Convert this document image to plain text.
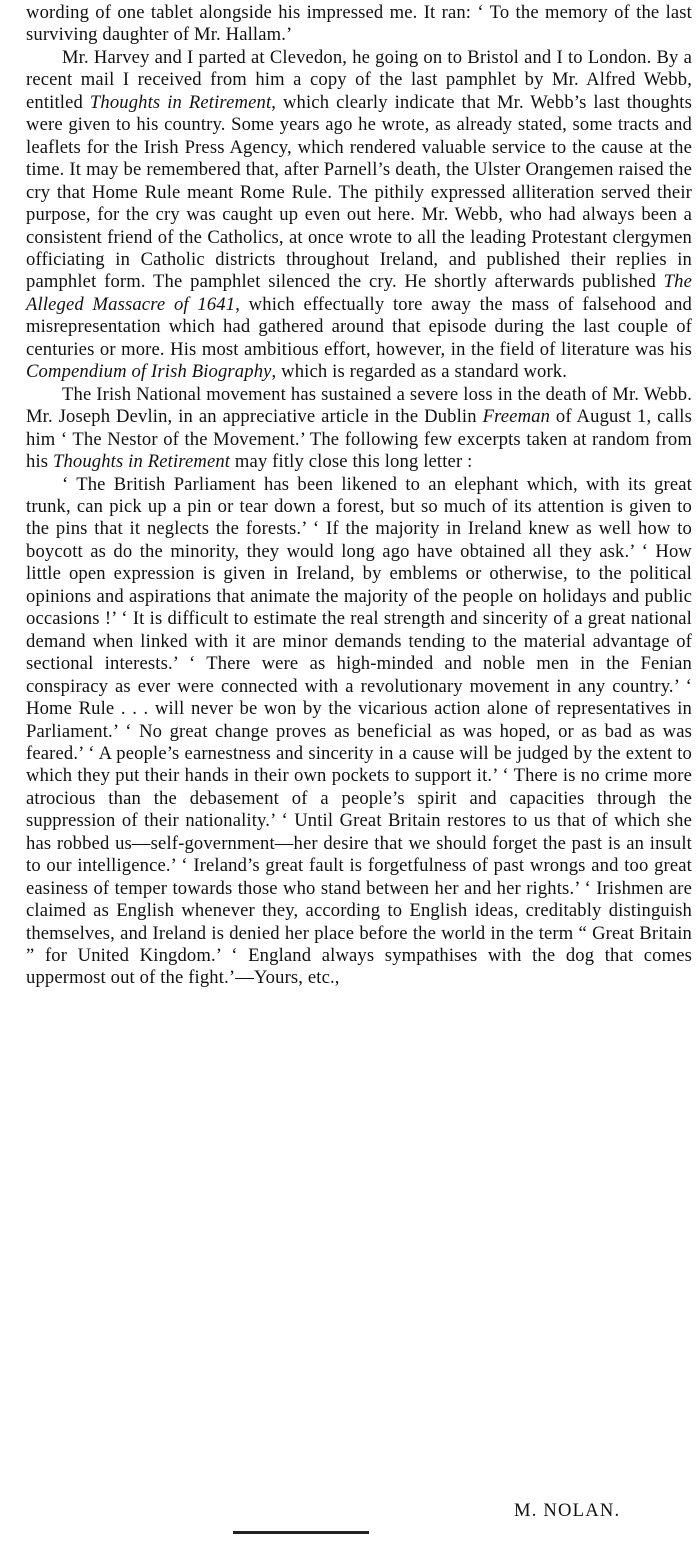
wording of one tablet alongside his impressed me. It ran: ‘ To the memory of the last surviving daughter of Mr. Hallam.’

Mr. Harvey and I parted at Clevedon, he going on to Bristol and I to London. By a recent mail I received from him a copy of the last pamphlet by Mr. Alfred Webb, entitled Thoughts in Retirement, which clearly indicate that Mr. Webb’s last thoughts were given to his country. Some years ago he wrote, as already stated, some tracts and leaflets for the Irish Press Agency, which rendered valuable service to the cause at the time. It may be remembered that, after Parnell’s death, the Ulster Orangemen raised the cry that Home Rule meant Rome Rule. The pithily expressed alliteration served their purpose, for the cry was caught up even out here. Mr. Webb, who had always been a consistent friend of the Catholics, at once wrote to all the leading Protestant clergymen officiating in Catholic districts throughout Ireland, and published their replies in pamphlet form. The pamphlet silenced the cry. He shortly afterwards published The Alleged Massacre of 1641, which effectually tore away the mass of falsehood and misrepresentation which had gathered around that episode during the last couple of centuries or more. His most ambitious effort, however, in the field of literature was his Compendium of Irish Biography, which is regarded as a standard work.

The Irish National movement has sustained a severe loss in the death of Mr. Webb. Mr. Joseph Devlin, in an appreciative article in the Dublin Freeman of August 1, calls him ‘ The Nestor of the Movement.’ The following few excerpts taken at random from his Thoughts in Retirement may fitly close this long letter :

‘ The British Parliament has been likened to an elephant which, with its great trunk, can pick up a pin or tear down a forest, but so much of its attention is given to the pins that it neglects the forests.’ ‘ If the majority in Ireland knew as well how to boycott as do the minority, they would long ago have obtained all they ask.’ ‘ How little open expression is given in Ireland, by emblems or otherwise, to the political opinions and aspirations that animate the majority of the people on holidays and public occasions !’ ‘ It is difficult to estimate the real strength and sincerity of a great national demand when linked with it are minor demands tending to the material advantage of sectional interests.’ ‘ There were as high-minded and noble men in the Fenian conspiracy as ever were connected with a revolutionary movement in any country.’ ‘ Home Rule . . . will never be won by the vicarious action alone of representatives in Parliament.’ ‘ No great change proves as beneficial as was hoped, or as bad as was feared.’ ‘ A people’s earnestness and sincerity in a cause will be judged by the extent to which they put their hands in their own pockets to support it.’ ‘ There is no crime more atrocious than the debasement of a people’s spirit and capacities through the suppression of their nationality.’ ‘ Until Great Britain restores to us that of which she has robbed us—self-government—her desire that we should forget the past is an insult to our intelligence.’ ‘ Ireland’s great fault is forgetfulness of past wrongs and too great easiness of temper towards those who stand between her and her rights.’ ‘ Irishmen are claimed as English whenever they, according to English ideas, creditably distinguish themselves, and Ireland is denied her place before the world in the term “ Great Britain ” for United Kingdom.’ ‘ England always sympathises with the dog that comes uppermost out of the fight.’—Yours, etc.,

M. NOLAN.
